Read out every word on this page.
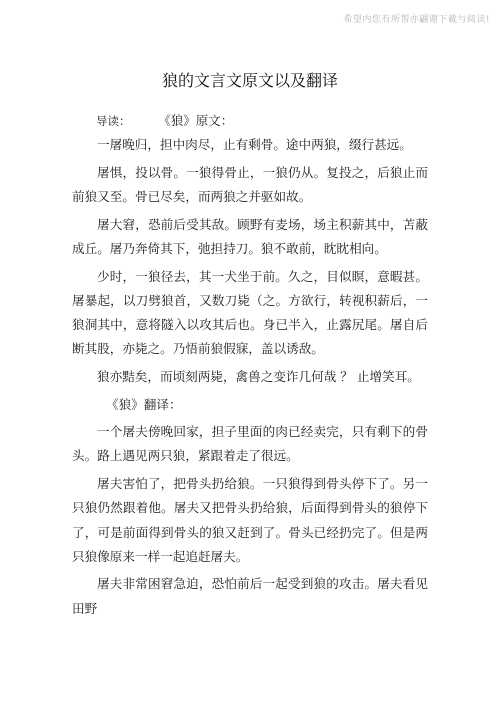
希望内您有所帮亦翩谢下載与阅读!
狼的文言文原文以及翻译
导读：	《狼》原文：

一屠晚归，担中肉尽，止有剩骨。途中两狼，缀行甚远。

屠惧，投以骨。一狼得骨止，一狼仍从。复投之，后狼止而前狼又至。骨已尽矣，而两狼之并驱如故。

屠大窘，恐前后受其敌。顾野有麦场，场主积薪其中，苫蔽成丘。屠乃奔倚其下，弛担持刀。狼不敢前，眈眈相向。

少时，一狼径去，其一犬坐于前。久之，目似瞑，意暇甚。屠暴起，以刀劈狼首，又数刀毙（之。方欲行，转视积薪后，一狼洞其中，意将隧入以攻其后也。身已半入，止露尻尾。屠自后断其股，亦毙之。乃悟前狼假寐，盖以诱敌。

狼亦黠矣，而顷刻两毙，禽兽之变诈几何哉 ？ 止增笑耳。

《狼》翻译：

一个屠夫傍晚回家，担子里面的肉已经卖完，只有剩下的骨头。路上遇见两只狼，紧跟着走了很远。

屠夫害怕了，把骨头扔给狼。一只狼得到骨头停下了。另一只狼仍然跟着他。屠夫又把骨头扔给狼，后面得到骨头的狼停下了，可是前面得到骨头的狼又赶到了。骨头已经扔完了。但是两只狼像原来一样一起追赶屠夫。

屠夫非常困窘急迫，恐怕前后一起受到狼的攻击。屠夫看见田野
